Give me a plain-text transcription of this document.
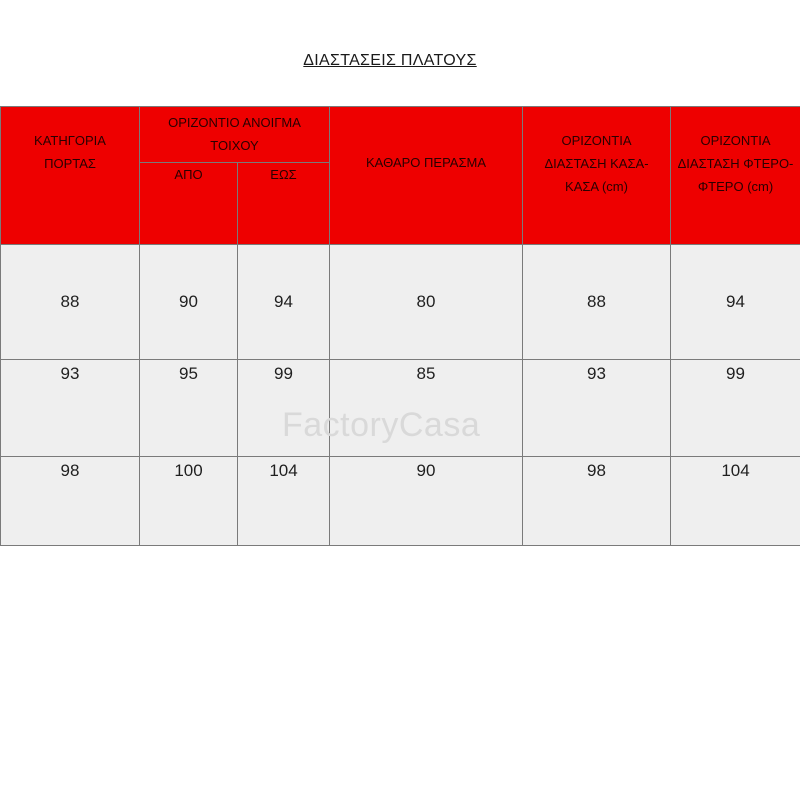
ΔΙΑΣΤΑΣΕΙΣ ΠΛΑΤΟΥΣ
ΚΑΤΗΓΟΡΙΑ ΠΟΡΤΑΣ	ΟΡΙΖΟΝΤΙΟ ΑΝΟΙΓΜΑ ΤΟΙΧΟΥ		ΚΑΘΑΡΟ ΠΕΡΑΣΜΑ	ΟΡΙΖΟΝΤΙΑ ΔΙΑΣΤΑΣΗ ΚΑΣΑ-ΚΑΣΑ (cm)	ΟΡΙΖΟΝΤΙΑ ΔΙΑΣΤΑΣΗ ΦΤΕΡΟ-ΦΤΕΡΟ (cm)
	ΑΠΟ	ΕΩΣ			
88	90	94	80	88	94
93	95	99	85	93	99
98	100	104	90	98	104
FactoryCasa
